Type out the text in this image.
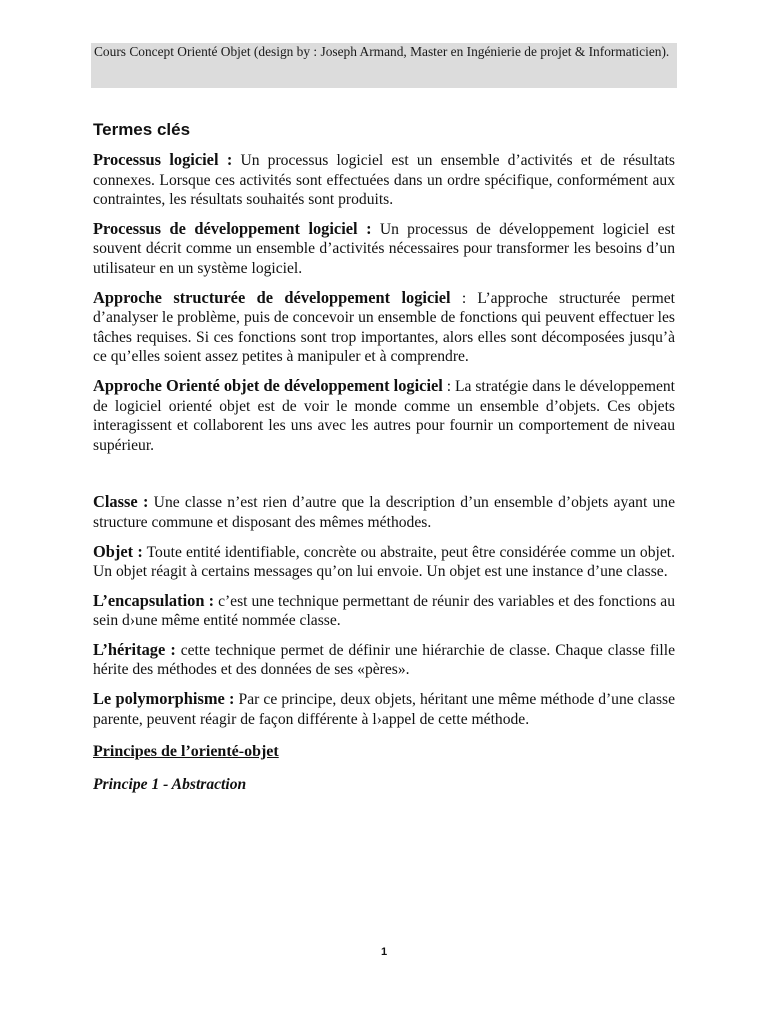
Cours Concept Orienté Objet (design by : Joseph Armand, Master en Ingénierie de projet & Informaticien).
Termes clés

Processus logiciel : Un processus logiciel est un ensemble d’activités et de résultats connexes. Lorsque ces activités sont effectuées dans un ordre spécifique, conformément aux contraintes, les résultats souhaités sont produits.

Processus de développement logiciel : Un processus de développement logiciel est souvent décrit comme un ensemble d’activités nécessaires pour transformer les besoins d’un utilisateur en un système logiciel.

Approche structurée de développement logiciel : L’approche structurée permet d’analyser le problème, puis de concevoir un ensemble de fonctions qui peuvent effectuer les tâches requises. Si ces fonctions sont trop importantes, alors elles sont décomposées jusqu’à ce qu’elles soient assez petites à manipuler et à comprendre.

Approche Orienté objet de développement logiciel : La stratégie dans le développement de logiciel orienté objet est de voir le monde comme un ensemble d’objets. Ces objets interagissent et collaborent les uns avec les autres pour fournir un comportement de niveau supérieur.

Classe : Une classe n’est rien d’autre que la description d’un ensemble d’objets ayant une structure commune et disposant des mêmes méthodes.

Objet : Toute entité identifiable, concrète ou abstraite, peut être considérée comme un objet. Un objet réagit à certains messages qu’on lui envoie. Un objet est une instance d’une classe.

L’encapsulation : c’est une technique permettant de réunir des variables et des fonctions au sein d›une même entité nommée classe.

L’héritage : cette technique permet de définir une hiérarchie de classe. Chaque classe fille hérite des méthodes et des données de ses «pères».

Le polymorphisme : Par ce principe, deux objets, héritant une même méthode d’une classe parente, peuvent réagir de façon différente à l›appel de cette méthode.

Principes de l’orienté-objet
Principe 1 - Abstraction
1
